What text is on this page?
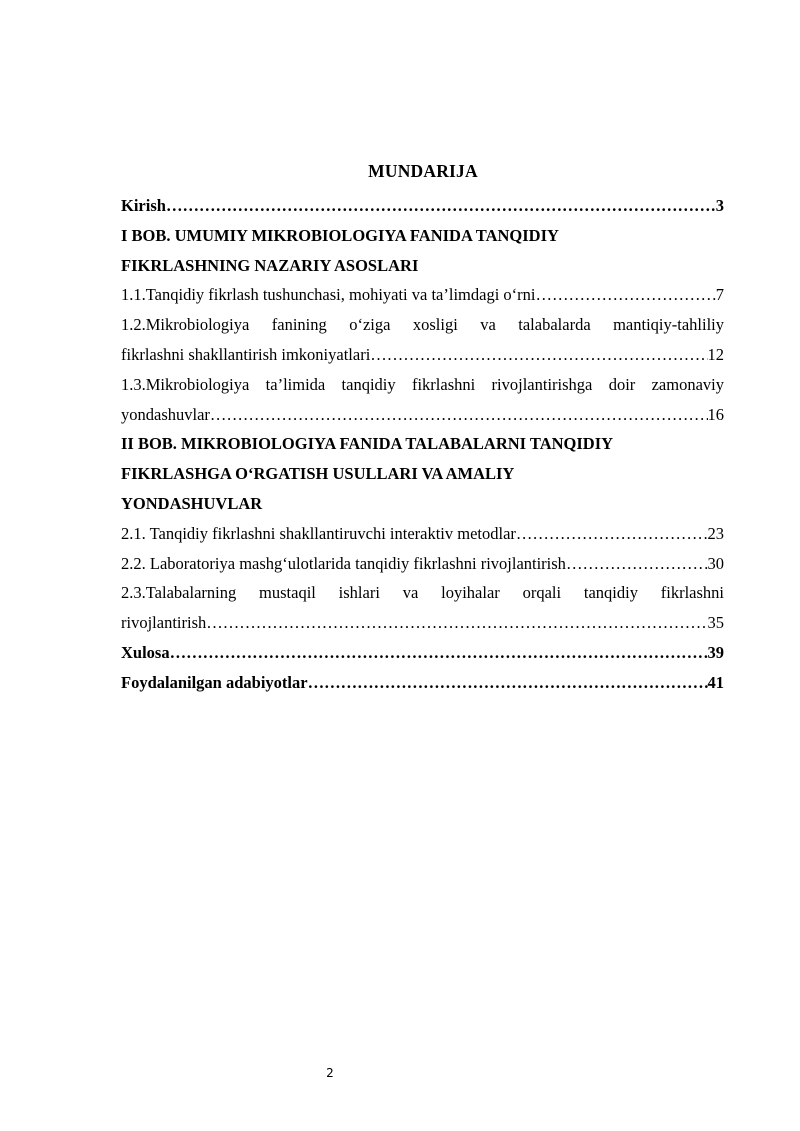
MUNDARIJA
Kirish ……………………………………………………………………………………………………………………………………………………………………	3
I BOB. UMUMIY MIKROBIOLOGIYA FANIDA TANQIDIY
FIKRLASHNING NAZARIY ASOSLARI
1.1.Tanqidiy fikrlash tushunchasi, mohiyati va ta’limdagi o‘rni ……………………………………………………………………………………………………………………………………………………………………	7
1.2.Mikrobiologiya fanining o‘ziga xosligi va talabalarda mantiqiy-tahliliy
fikrlashni shakllantirish imkoniyatlari ……………………………………………………………………………………………………………………………………………………………………	12
1.3.Mikrobiologiya ta’limida tanqidiy fikrlashni rivojlantirishga doir zamonaviy
yondashuvlar ……………………………………………………………………………………………………………………………………………………………………	16
II BOB. MIKROBIOLOGIYA FANIDA TALABALARNI TANQIDIY
FIKRLASHGA O‘RGATISH USULLARI VA AMALIY
YONDASHUVLAR
2.1. Tanqidiy fikrlashni shakllantiruvchi interaktiv metodlar ……………………………………………………………………………………………………………………………………………………………………	23
2.2. Laboratoriya mashg‘ulotlarida tanqidiy fikrlashni rivojlantirish ……………………………………………………………………………………………………………………………………………………………………	30
2.3.Talabalarning mustaqil ishlari va loyihalar orqali tanqidiy fikrlashni
rivojlantirish ……………………………………………………………………………………………………………………………………………………………………	35
Xulosa ……………………………………………………………………………………………………………………………………………………………………	39
Foydalanilgan adabiyotlar ……………………………………………………………………………………………………………………………………………………………………	41
2
